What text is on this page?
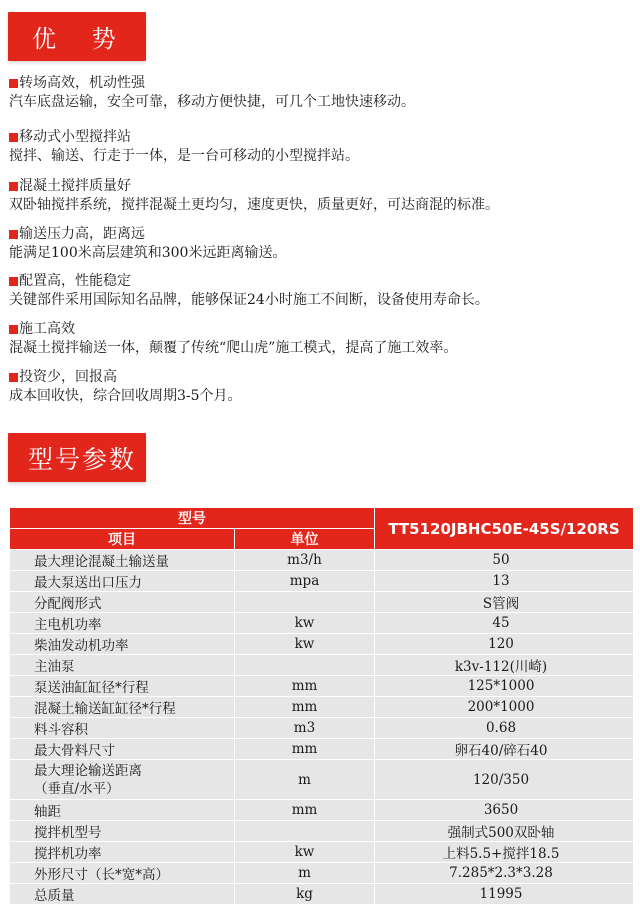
优 势
转场高效，机动性强
汽车底盘运输，安全可靠，移动方便快捷，可几个工地快速移动。
移动式小型搅拌站
搅拌、输送、行走于一体，是一台可移动的小型搅拌站。
混凝土搅拌质量好
双卧轴搅拌系统，搅拌混凝土更均匀，速度更快，质量更好，可达商混的标准。
输送压力高，距离远
能满足100米高层建筑和300米远距离输送。
配置高，性能稳定
关键部件采用国际知名品牌，能够保证24小时施工不间断，设备使用寿命长。
施工高效
混凝土搅拌输送一体，颠覆了传统“爬山虎”施工模式，提高了施工效率。
投资少，回报高
成本回收快，综合回收周期3-5个月。
型号参数
型号		TT5120JBHC50E-45S/120RS
项目	单位	
最大理论混凝土输送量	m3/h	50
最大泵送出口压力	mpa	13
分配阀形式		S管阀
主电机功率	kw	45
柴油发动机功率	kw	120
主油泵		k3v-112(川崎)
泵送油缸缸径*行程	mm	125*1000
混凝土输送缸缸径*行程	mm	200*1000
料斗容积	m3	0.68
最大骨料尺寸	mm	卵石40/碎石40
最大理论输送距离
（垂直/水平）	m	120/350
轴距	mm	3650
搅拌机型号		强制式500双卧轴
搅拌机功率	kw	上料5.5+搅拌18.5
外形尺寸（长*宽*高）	m	7.285*2.3*3.28
总质量	kg	11995
